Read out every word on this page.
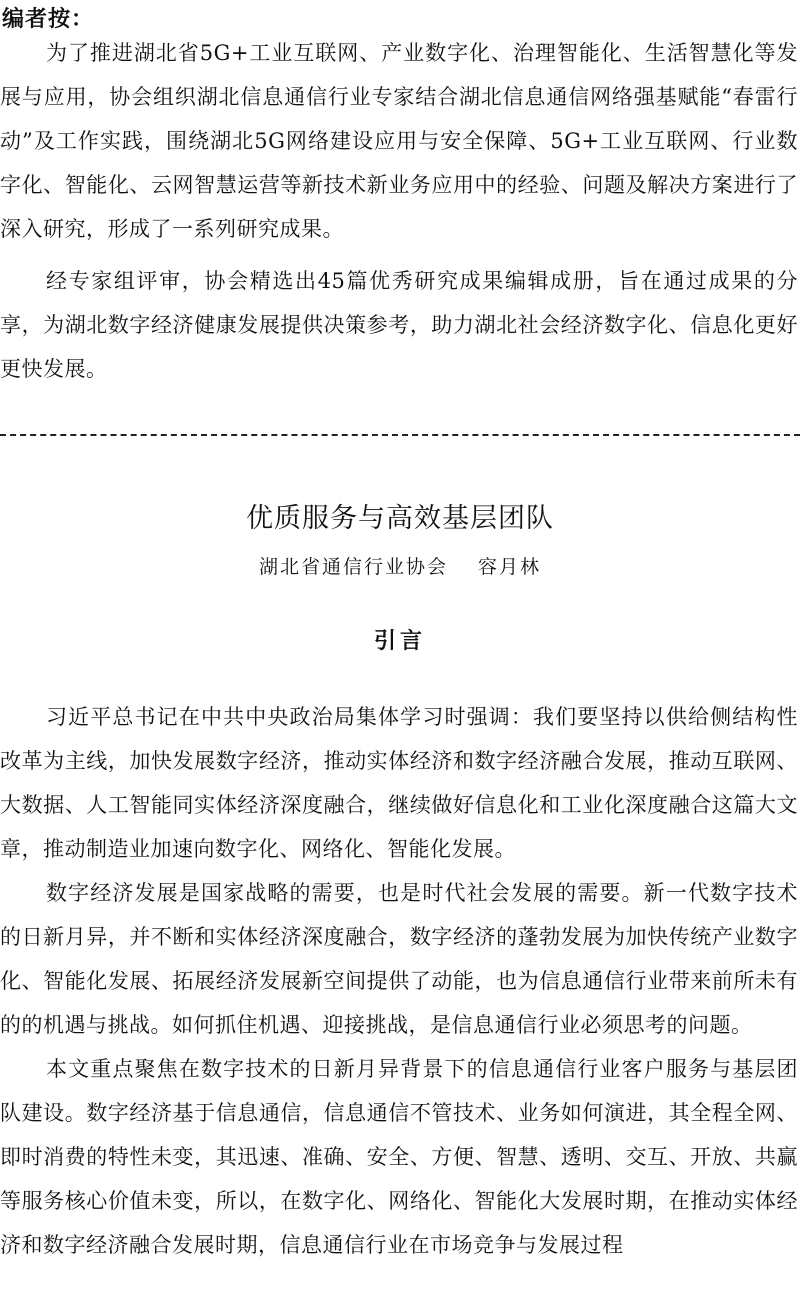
编者按：

为了推进湖北省5G+工业互联网、产业数字化、治理智能化、生活智慧化等发展与应用，协会组织湖北信息通信行业专家结合湖北信息通信网络强基赋能“春雷行动”及工作实践，围绕湖北5G网络建设应用与安全保障、5G+工业互联网、行业数字化、智能化、云网智慧运营等新技术新业务应用中的经验、问题及解决方案进行了深入研究，形成了一系列研究成果。

经专家组评审，协会精选出45篇优秀研究成果编辑成册，旨在通过成果的分享，为湖北数字经济健康发展提供决策参考，助力湖北社会经济数字化、信息化更好更快发展。

优质服务与高效基层团队
湖北省通信行业协会 容月林
引言

习近平总书记在中共中央政治局集体学习时强调：我们要坚持以供给侧结构性改革为主线，加快发展数字经济，推动实体经济和数字经济融合发展，推动互联网、大数据、人工智能同实体经济深度融合，继续做好信息化和工业化深度融合这篇大文章，推动制造业加速向数字化、网络化、智能化发展。

数字经济发展是国家战略的需要，也是时代社会发展的需要。新一代数字技术的日新月异，并不断和实体经济深度融合，数字经济的蓬勃发展为加快传统产业数字化、智能化发展、拓展经济发展新空间提供了动能，也为信息通信行业带来前所未有的的机遇与挑战。如何抓住机遇、迎接挑战，是信息通信行业必须思考的问题。

本文重点聚焦在数字技术的日新月异背景下的信息通信行业客户服务与基层团队建设。数字经济基于信息通信，信息通信不管技术、业务如何演进，其全程全网、即时消费的特性未变，其迅速、准确、安全、方便、智慧、透明、交互、开放、共赢等服务核心价值未变，所以，在数字化、网络化、智能化大发展时期，在推动实体经济和数字经济融合发展时期，信息通信行业在市场竞争与发展过程
